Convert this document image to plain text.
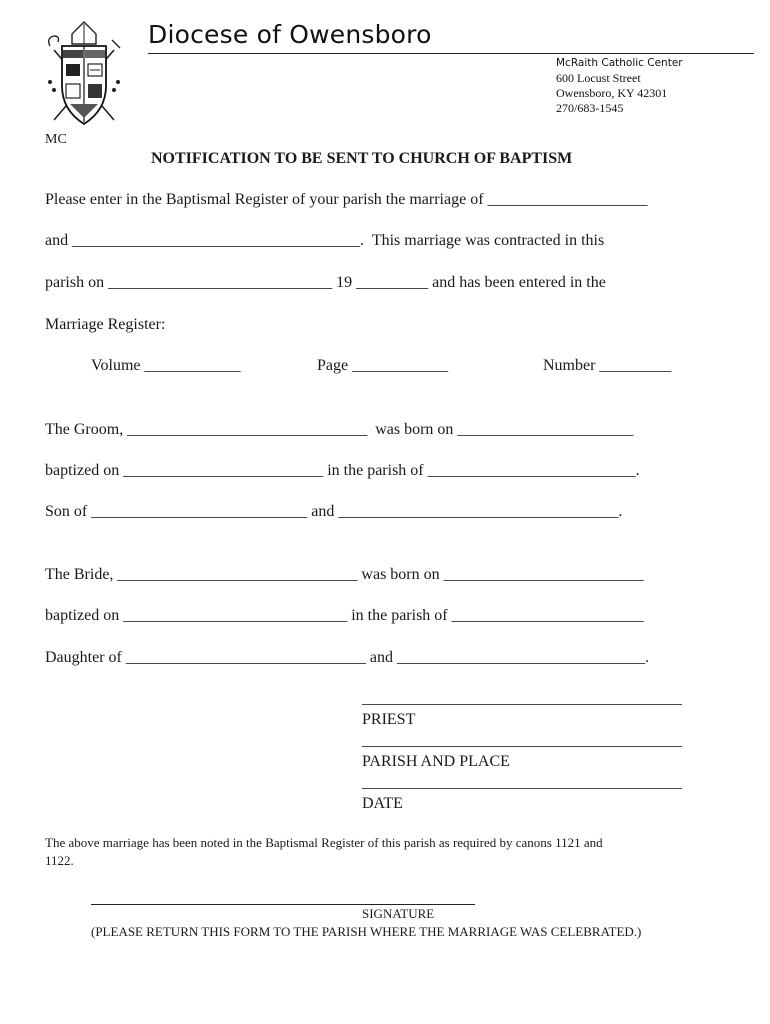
Diocese of Owensboro
McRaith Catholic Center
600 Locust Street
Owensboro, KY 42301
270/683-1545
MC
NOTIFICATION TO BE SENT TO CHURCH OF BAPTISM
Please enter in the Baptismal Register of your parish the marriage of ____________________
and ____________________________________.  This marriage was contracted in this
parish on ____________________________ 19 _________ and has been entered in the
Marriage Register:
Volume ____________	Page ____________	Number _________
The Groom, ______________________________  was born on ______________________
baptized on _________________________ in the parish of __________________________.
Son of ___________________________ and ___________________________________.
The Bride, ______________________________ was born on _________________________
baptized on ____________________________ in the parish of ________________________
Daughter of ______________________________ and _______________________________.
________________________________________
PRIEST
________________________________________
PARISH AND PLACE
________________________________________
DATE
The above marriage has been noted in the Baptismal Register of this parish as required by canons 1121 and
1122.
SIGNATURE
(PLEASE RETURN THIS FORM TO THE PARISH WHERE THE MARRIAGE WAS CELEBRATED.)
